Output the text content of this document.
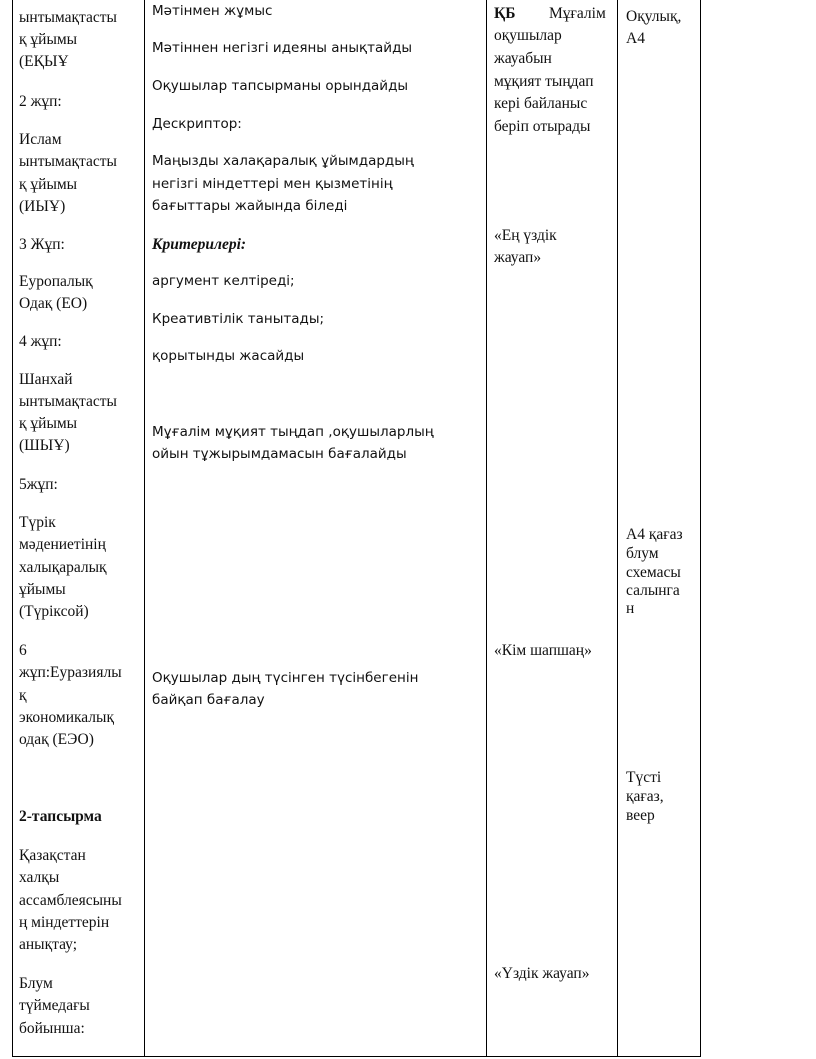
ынтымақтасты
қ ұйымы
(ЕҚЫҰ
2 жұп:
Ислам
ынтымақтасты
қ ұйымы
(ИЫҰ)
3 Жұп:
Еуропалық
Одақ (ЕО)
4 жұп:
Шанхай
ынтымақтасты
қ ұйымы
(ШЫҰ)
5жұп:
Түрік
мәдениетінің
халықаралық
ұйымы
(Түріксой)
6
жұп:Еуразиялы
қ
экономикалық
одақ (ЕЭО)
2-тапсырма
Қазақстан
халқы
ассамблеясыны
ң міндеттерін
анықтау;
Блум
түймедағы
бойынша:
Мәтінмен жұмыс
Мәтіннен негізгі идеяны анықтайды
Оқушылар тапсырманы орындайды
Дескриптор:
Маңызды халақаралық ұйымдардың
негізгі міндеттері мен қызметінің
бағыттары жайында біледі
Критерилері:
аргумент келтіреді;
Креативтілік танытады;
қорытынды жасайды
Мұғалім мұқият тыңдап ,оқушыларлың
ойын тұжырымдамасын бағалайды
Оқушылар дың түсінген түсінбегенін
байқап бағалау
ҚБ Мұғалім
оқушылар
жауабын
мұқият тыңдап
кері байланыс
беріп отырады
«Ең үздік
жауап»
«Кім шапшаң»
«Үздік жауап»
Оқулық,
А4
А4 қағаз
блум
схемасы
салынга
н
Түсті
қағаз,
веер
